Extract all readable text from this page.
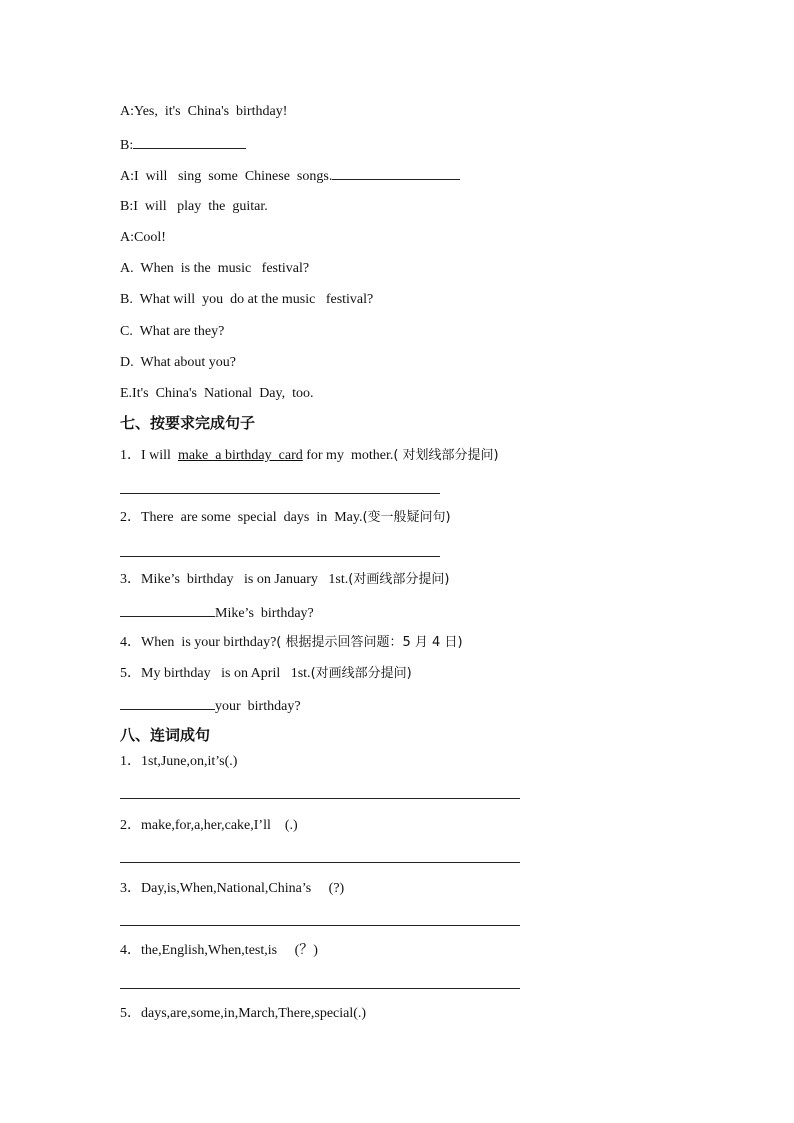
A:Yes,  it's  China's  birthday!
B:
A:I  will   sing  some  Chinese  songs.
B:I  will   play  the  guitar.
A:Cool!
A.  When  is the  music   festival?
B.  What will  you  do at the music   festival?
C.  What are they?
D.  What about you?
E.It's  China's  National  Day,  too.
七、按要求完成句子
1．I will  make  a birthday  card for my  mother.( 对划线部分提问)
2．There  are some  special  days  in  May.(变一般疑问句)
3．Mike’s  birthday   is on January   1st.(对画线部分提问)
Mike’s  birthday?
4．When  is your birthday?( 根据提示回答问题：5 月 4 日)
5．My birthday   is on April   1st.(对画线部分提问)
your  birthday?
八、连词成句
1．1st,June,on,it’s(.)
2．make,for,a,her,cake,I’ll    (.)
3．Day,is,When,National,China’s     (?)
4．the,English,When,test,is     (？)
5．days,are,some,in,March,There,special(.)
